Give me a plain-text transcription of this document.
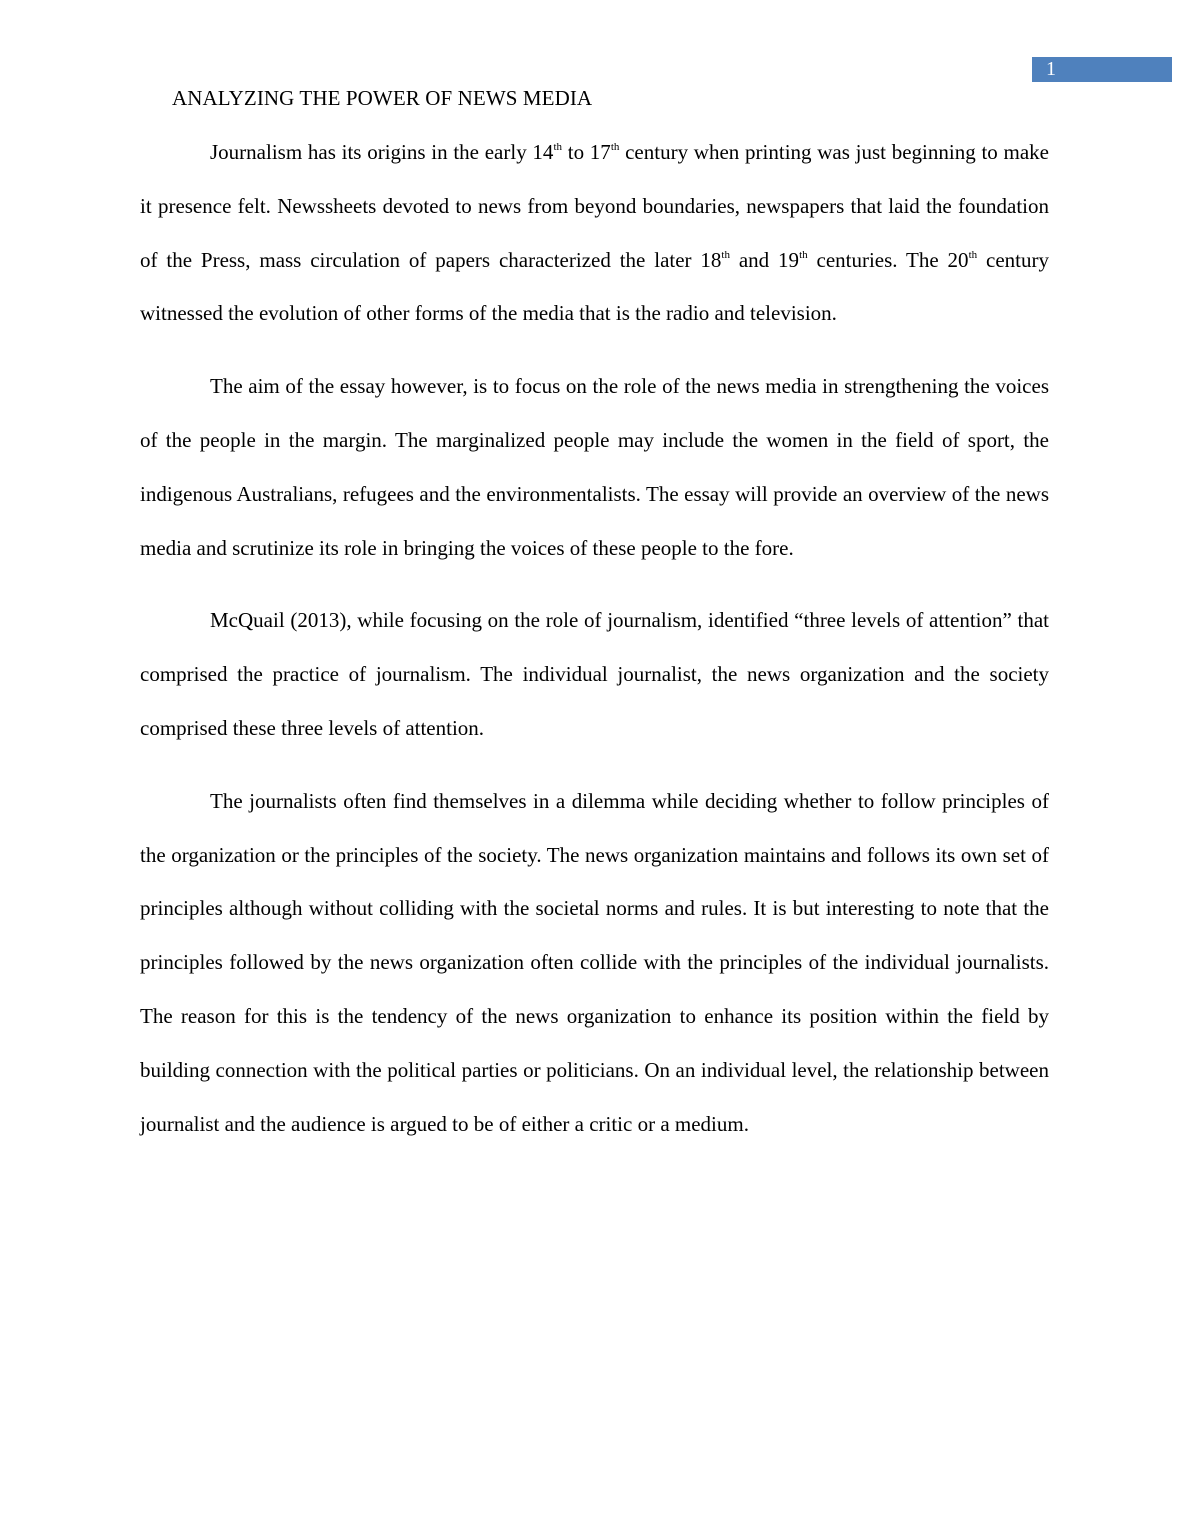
1
ANALYZING THE POWER OF NEWS MEDIA

Journalism has its origins in the early 14th to 17th century when printing was just beginning to make it presence felt. Newssheets devoted to news from beyond boundaries, newspapers that laid the foundation of the Press, mass circulation of papers characterized the later 18th and 19th centuries. The 20th century witnessed the evolution of other forms of the media that is the radio and television.

The aim of the essay however, is to focus on the role of the news media in strengthening the voices of the people in the margin. The marginalized people may include the women in the field of sport, the indigenous Australians, refugees and the environmentalists. The essay will provide an overview of the news media and scrutinize its role in bringing the voices of these people to the fore.

McQuail (2013), while focusing on the role of journalism, identified “three levels of attention” that comprised the practice of journalism. The individual journalist, the news organization and the society comprised these three levels of attention.

The journalists often find themselves in a dilemma while deciding whether to follow principles of the organization or the principles of the society. The news organization maintains and follows its own set of principles although without colliding with the societal norms and rules. It is but interesting to note that the principles followed by the news organization often collide with the principles of the individual journalists. The reason for this is the tendency of the news organization to enhance its position within the field by building connection with the political parties or politicians. On an individual level, the relationship between journalist and the audience is argued to be of either a critic or a medium.
